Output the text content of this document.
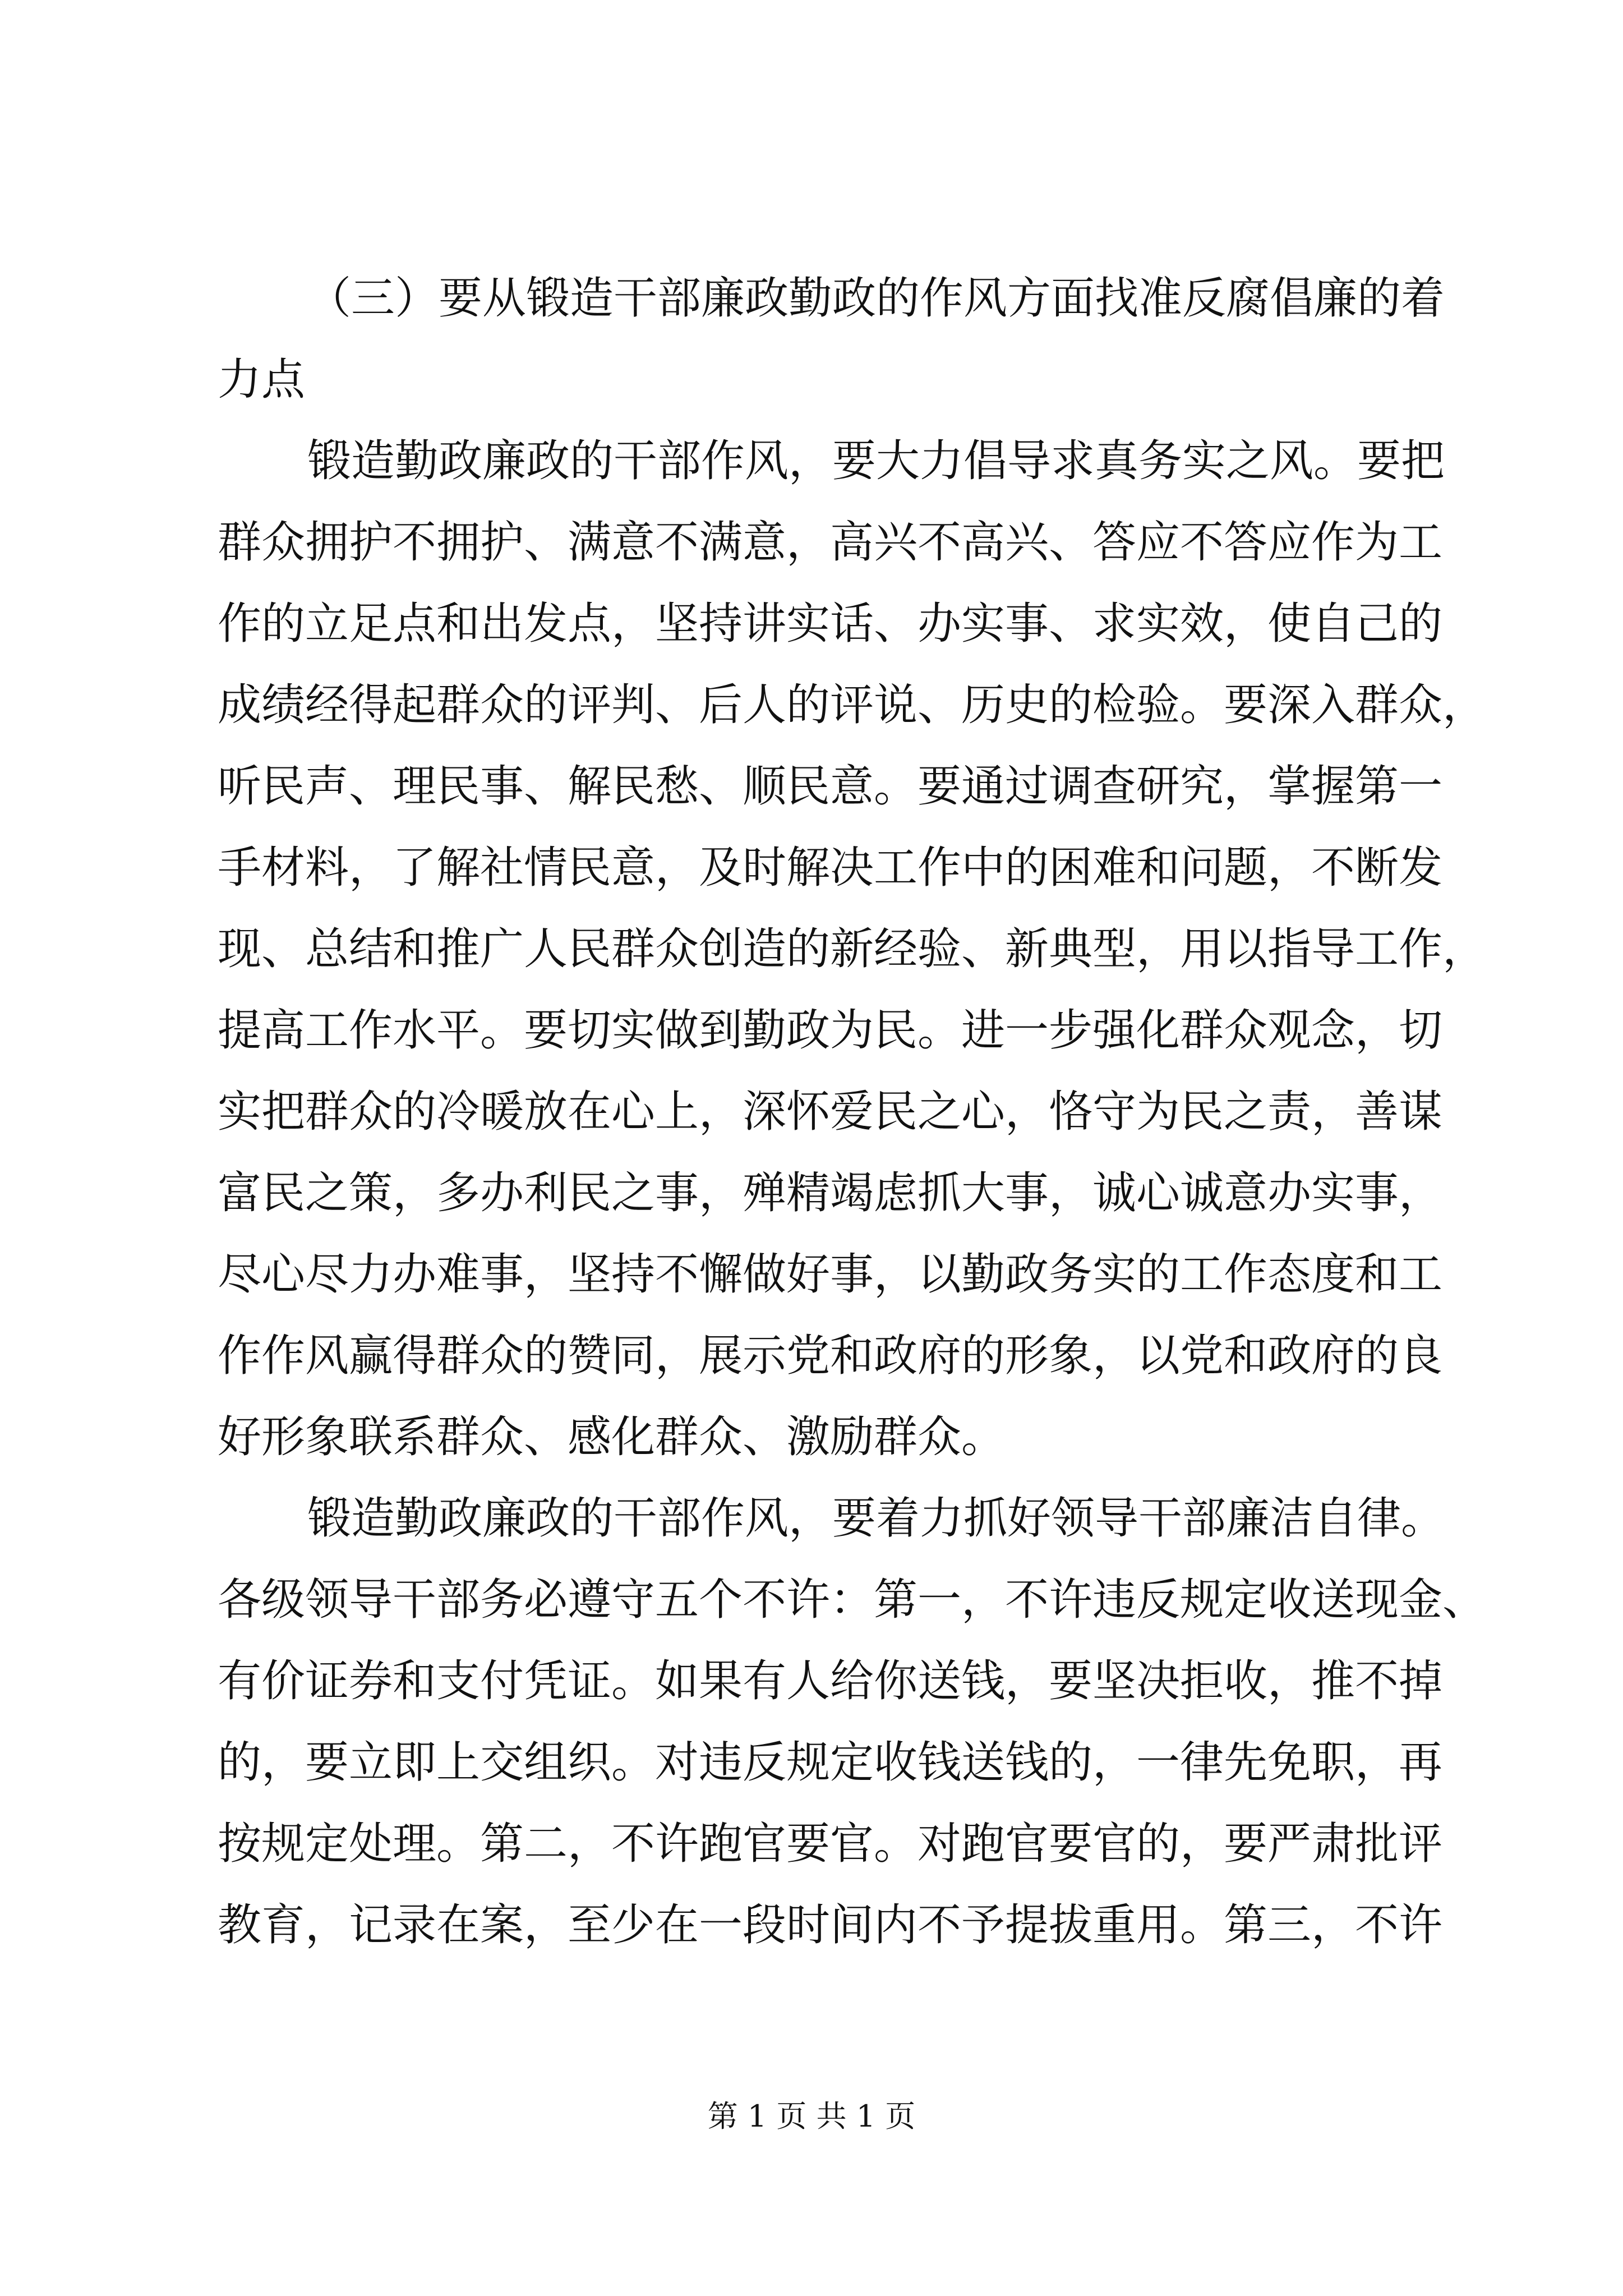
（三）要从锻造干部廉政勤政的作风方面找准反腐倡廉的着
力点
锻造勤政廉政的干部作风，要大力倡导求真务实之风。要把
群众拥护不拥护、满意不满意，高兴不高兴、答应不答应作为工
作的立足点和出发点，坚持讲实话、办实事、求实效，使自己的
成绩经得起群众的评判、后人的评说、历史的检验。要深入群众，
听民声、理民事、解民愁、顺民意。要通过调查研究，掌握第一
手材料，了解社情民意，及时解决工作中的困难和问题，不断发
现、总结和推广人民群众创造的新经验、新典型，用以指导工作，
提高工作水平。要切实做到勤政为民。进一步强化群众观念，切
实把群众的冷暖放在心上，深怀爱民之心，恪守为民之责，善谋
富民之策，多办利民之事，殚精竭虑抓大事，诚心诚意办实事，
尽心尽力办难事，坚持不懈做好事，以勤政务实的工作态度和工
作作风赢得群众的赞同，展示党和政府的形象，以党和政府的良
好形象联系群众、感化群众、激励群众。
锻造勤政廉政的干部作风，要着力抓好领导干部廉洁自律。
各级领导干部务必遵守五个不许：第一，不许违反规定收送现金、
有价证券和支付凭证。如果有人给你送钱，要坚决拒收，推不掉
的，要立即上交组织。对违反规定收钱送钱的，一律先免职，再
按规定处理。第二，不许跑官要官。对跑官要官的，要严肃批评
教育，记录在案，至少在一段时间内不予提拔重用。第三，不许
第 1 页 共 1 页
